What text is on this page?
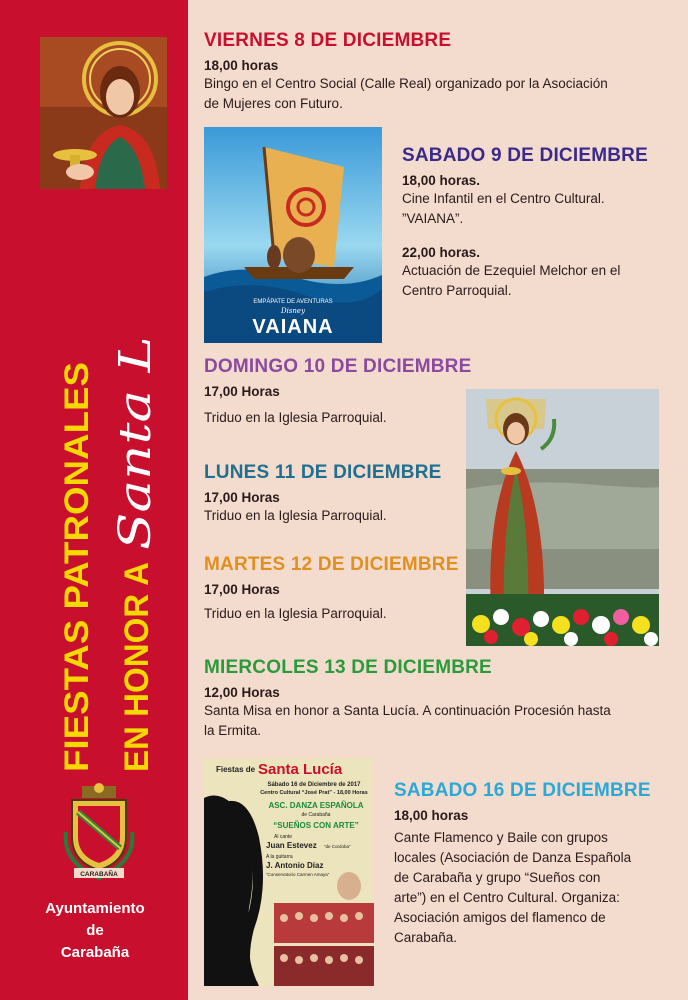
FIESTAS PATRONALES EN HONOR A
Santa Lucía
CARABAÑA
Ayuntamiento
de
Carabaña
VIERNES 8 DE DICIEMBRE
18,00 horas
Bingo en el Centro Social (Calle Real) organizado por la Asociación
de Mujeres con Futuro.
EMPÁPATE DE AVENTURAS
Disney
VAIANA
SABADO 9 DE DICIEMBRE
18,00 horas.
Cine Infantil en el Centro Cultural.
”VAIANA”.
22,00 horas.
Actuación de Ezequiel Melchor en el
Centro Parroquial.
DOMINGO 10 DE DICIEMBRE
17,00 Horas
Triduo en la Iglesia Parroquial.
LUNES 11 DE DICIEMBRE
17,00 Horas
Triduo en la Iglesia Parroquial.
MARTES 12 DE DICIEMBRE
17,00 Horas
Triduo en la Iglesia Parroquial.
MIERCOLES 13 DE DICIEMBRE
12,00 Horas
Santa Misa en honor a Santa Lucía. A continuación Procesión hasta
la Ermita.
Fiestas de Santa Lucía
Sábado 16 de Diciembre de 2017
Centro Cultural “José Prat” - 18,00 Horas
ASC. DANZA ESPAÑOLA
de Carabaña
“SUEÑOS CON ARTE”
Al cante
Juan Estevez “de Cordoba”
A la guitarra
J. Antonio Díaz
“Conservatorio Carmen Amaya”
SABADO 16 DE DICIEMBRE
18,00 horas
Cante Flamenco y Baile con grupos
locales (Asociación de Danza Española
de Carabaña y grupo “Sueños con
arte”) en el Centro Cultural. Organiza:
Asociación amigos del flamenco de
Carabaña.
